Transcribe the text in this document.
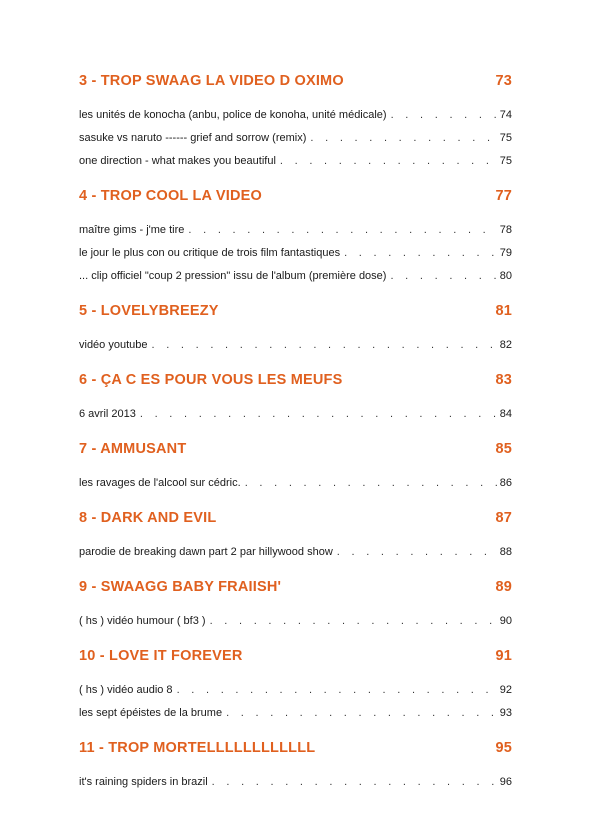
3 - TROP SWAAG LA VIDEO D OXIMO	73
les unités de konocha (anbu, police de konoha, unité médicale) . . .	74
sasuke vs naruto ------ grief and sorrow (remix) . . .	75
one direction - what makes you beautiful . . .	75
4 - TROP COOL LA VIDEO	77
maître gims - j'me tire . . .	78
le jour le plus con ou critique de trois film fantastiques . . .	79
... clip officiel "coup 2 pression" issu de l'album (première dose) . . .	80
5 - LOVELYBREEZY	81
vidéo youtube . . .	82
6 - ÇA C ES POUR VOUS LES MEUFS	83
6 avril 2013 . . .	84
7 - AMMUSANT	85
les ravages de l'alcool sur cédric. . . .	86
8 - DARK AND EVIL	87
parodie de breaking dawn part 2 par hillywood show . . .	88
9 - SWAAGG BABY FRAIISH'	89
( hs ) vidéo humour ( bf3 ) . . .	90
10 - LOVE IT FOREVER	91
( hs ) vidéo audio 8 . . .	92
les sept épéistes de la brume . . .	93
11 - TROP MORTELLLLLLLLLLLL	95
it's raining spiders in brazil . . .	96
